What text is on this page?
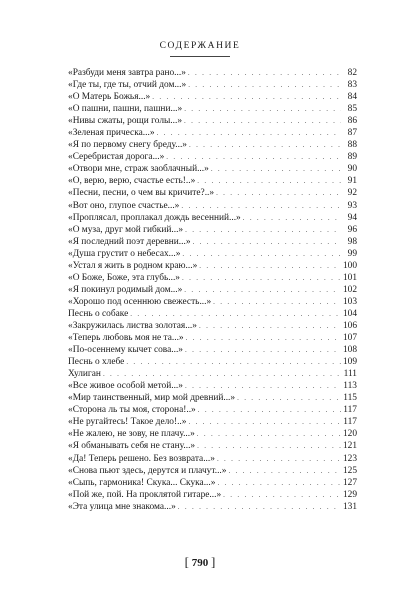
СОДЕРЖАНИЕ
«Разбуди меня завтра рано...» . . .	82
«Где ты, где ты, отчий дом...» . . .	83
«О Матерь Божья...» . . .	84
«О пашни, пашни, пашни...» . . .	85
«Нивы сжаты, рощи голы...» . . .	86
«Зеленая прическа...» . . .	87
«Я по первому снегу бреду...» . . .	88
«Серебристая дорога...» . . .	89
«Отвори мне, страж заоблачный...» . . .	90
«О, верю, верю, счастье есть!..» . . .	91
«Песни, песни, о чем вы кричите?..» . . .	92
«Вот оно, глупое счастье...» . . .	93
«Проплясал, проплакал дождь весенний...» . . .	94
«О муза, друг мой гибкий...» . . .	96
«Я последний поэт деревни...» . . .	98
«Душа грустит о небесах...» . . .	99
«Устал я жить в родном краю...» . . .	100
«О Боже, Боже, эта глубь...» . . .	101
«Я покинул родимый дом...» . . .	102
«Хорошо под осеннюю свежесть...» . . .	103
Песнь о собаке . . .	104
«Закружилась листва золотая...» . . .	106
«Теперь любовь моя не та...» . . .	107
«По-осеннему кычет сова...» . . .	108
Песнь о хлебе . . .	109
Хулиган . . .	111
«Все живое особой метой...» . . .	113
«Мир таинственный, мир мой древний...» . . .	115
«Сторона ль ты моя, сторона!..» . . .	117
«Не ругайтесь! Такое дело!..» . . .	117
«Не жалею, не зову, не плачу...» . . .	120
«Я обманывать себя не стану...» . . .	121
«Да! Теперь решено. Без возврата...» . . .	123
«Снова пьют здесь, дерутся и плачут...» . . .	125
«Сыпь, гармоника! Скука... Скука...» . . .	127
«Пой же, пой. На проклятой гитаре...» . . .	129
«Эта улица мне знакома...» . . .	131
[ 790 ]
